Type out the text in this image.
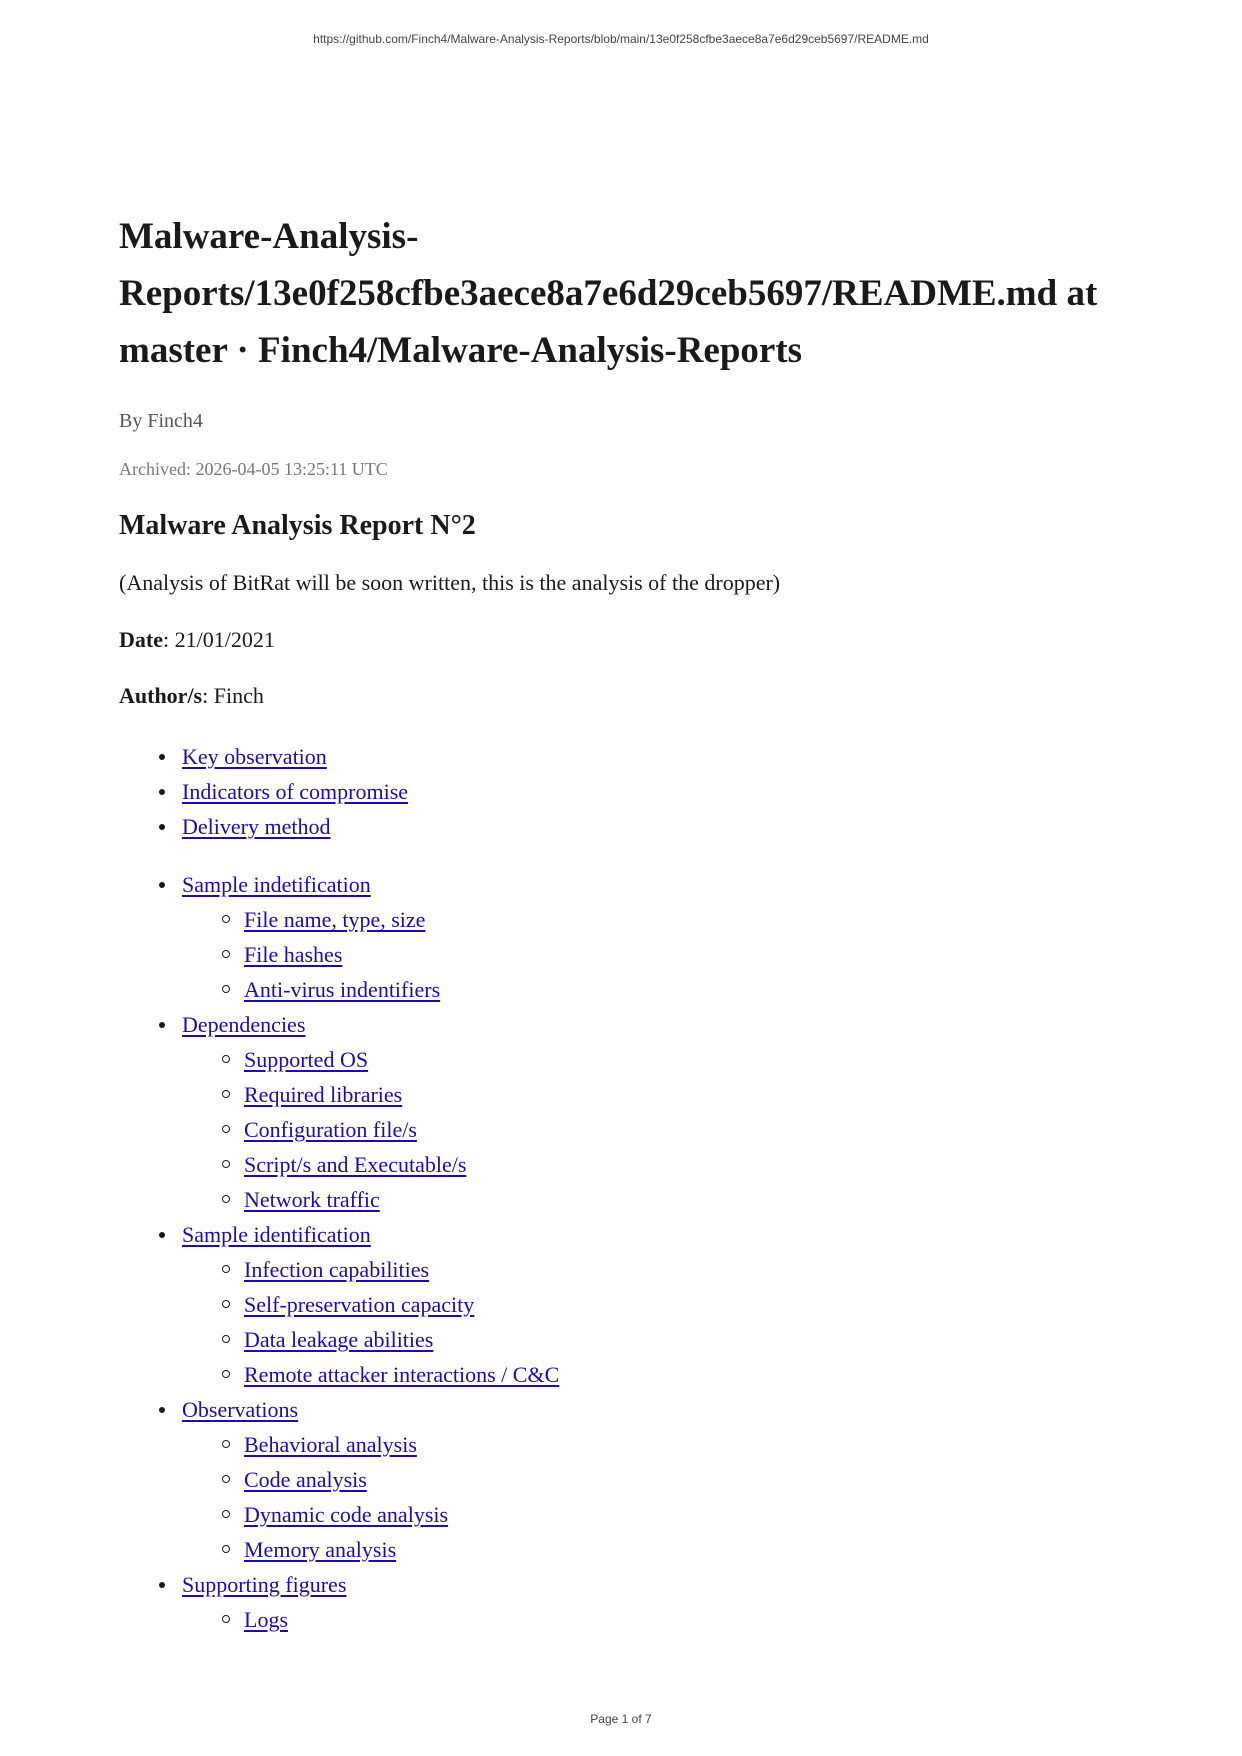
https://github.com/Finch4/Malware-Analysis-Reports/blob/main/13e0f258cfbe3aece8a7e6d29ceb5697/README.md
Malware-Analysis-
Reports/13e0f258cfbe3aece8a7e6d29ceb5697/README.md at
master · Finch4/Malware-Analysis-Reports
By Finch4
Archived: 2026-04-05 13:25:11 UTC
Malware Analysis Report N°2

(Analysis of BitRat will be soon written, this is the analysis of the dropper)

Date: 21/01/2021

Author/s: Finch

Key observation
Indicators of compromise
Delivery method
Sample indetification
File name, type, size
File hashes
Anti-virus indentifiers
Dependencies
Supported OS
Required libraries
Configuration file/s
Script/s and Executable/s
Network traffic
Sample identification
Infection capabilities
Self-preservation capacity
Data leakage abilities
Remote attacker interactions / C&C
Observations
Behavioral analysis
Code analysis
Dynamic code analysis
Memory analysis
Supporting figures
Logs
Page 1 of 7
